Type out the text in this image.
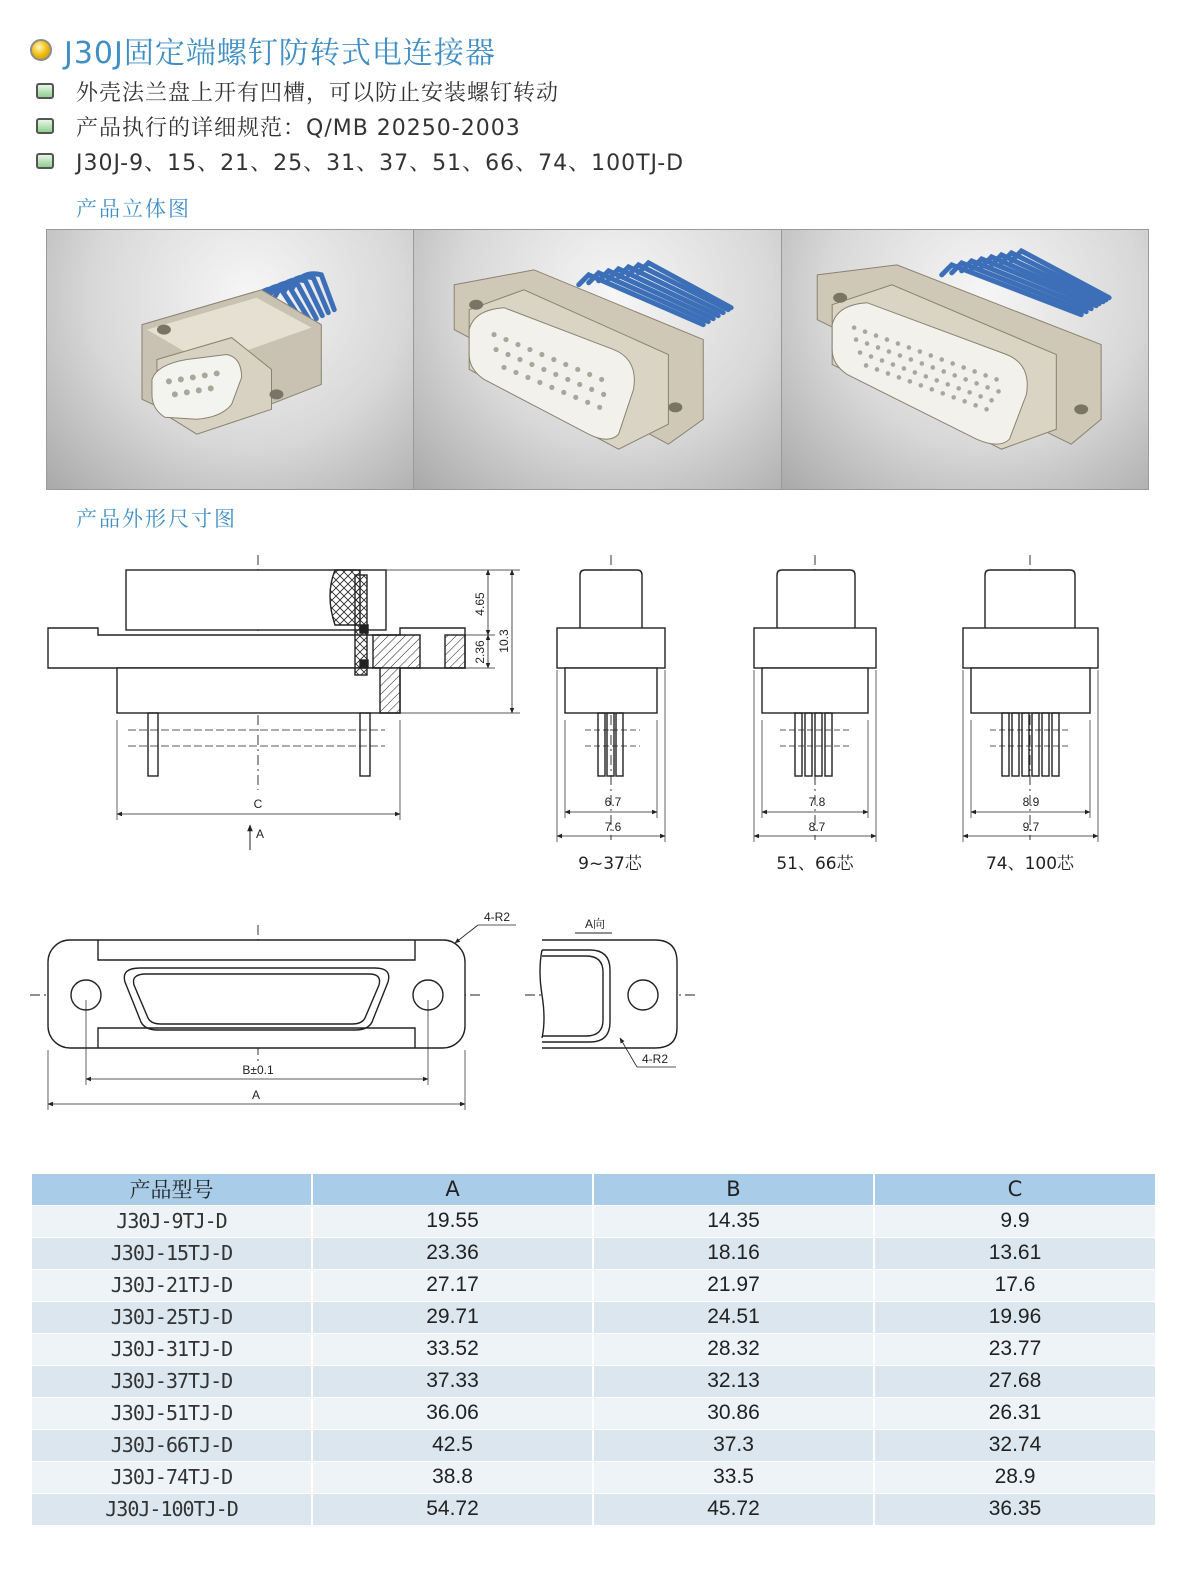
J30J固定端螺钉防转式电连接器
外壳法兰盘上开有凹槽，可以防止安装螺钉转动
产品执行的详细规范：Q/MB 20250-2003
J30J-9、15、21、25、31、37、51、66、74、100TJ-D
产品立体图
产品外形尺寸图
4.65
2.36 10.3
C
A
6.7
7.6
9~37芯
7.8
8.7
51、66芯
8.9
9.7
74、100芯
4-R2
B±0.1
A
A向
4-R2
产品型号	A	B	C
J30J-9TJ-D	19.55	14.35	9.9
J30J-15TJ-D	23.36	18.16	13.61
J30J-21TJ-D	27.17	21.97	17.6
J30J-25TJ-D	29.71	24.51	19.96
J30J-31TJ-D	33.52	28.32	23.77
J30J-37TJ-D	37.33	32.13	27.68
J30J-51TJ-D	36.06	30.86	26.31
J30J-66TJ-D	42.5	37.3	32.74
J30J-74TJ-D	38.8	33.5	28.9
J30J-100TJ-D	54.72	45.72	36.35
